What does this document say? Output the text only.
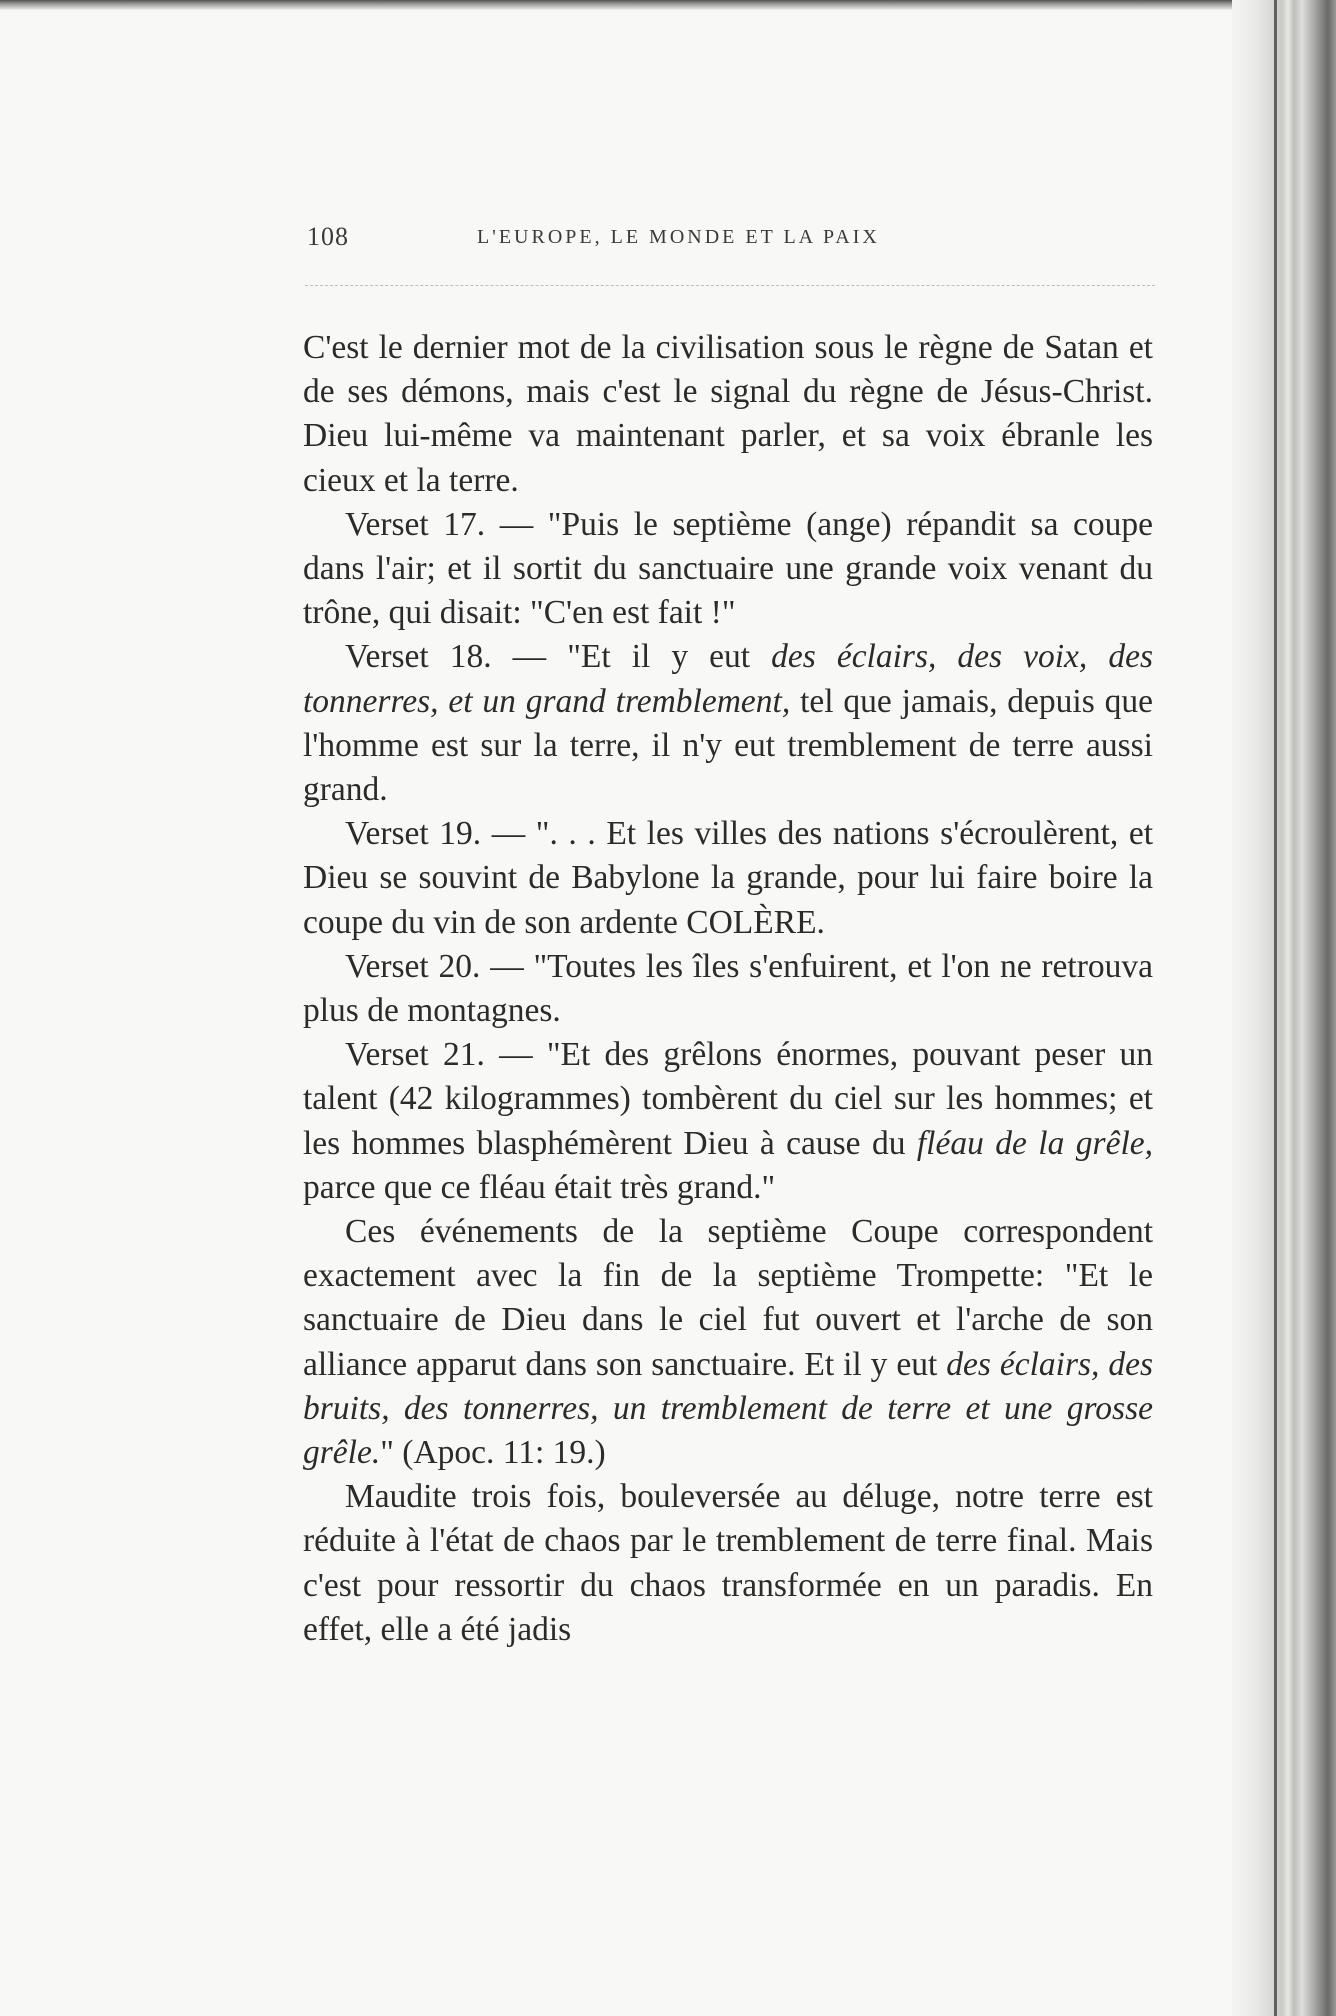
108	L'EUROPE, LE MONDE ET LA PAIX

C'est le dernier mot de la civilisation sous le règne de Satan et de ses démons, mais c'est le signal du règne de Jésus-Christ. Dieu lui-même va maintenant parler, et sa voix ébranle les cieux et la terre.

Verset 17. — "Puis le septième (ange) répandit sa coupe dans l'air; et il sortit du sanctuaire une grande voix venant du trône, qui disait: "C'en est fait !"

Verset 18. — "Et il y eut des éclairs, des voix, des tonnerres, et un grand tremblement, tel que jamais, depuis que l'homme est sur la terre, il n'y eut tremblement de terre aussi grand.

Verset 19. — ". . . Et les villes des nations s'écroulèrent, et Dieu se souvint de Babylone la grande, pour lui faire boire la coupe du vin de son ardente COLÈRE.

Verset 20. — "Toutes les îles s'enfuirent, et l'on ne retrouva plus de montagnes.

Verset 21. — "Et des grêlons énormes, pouvant peser un talent (42 kilogrammes) tombèrent du ciel sur les hommes; et les hommes blasphémèrent Dieu à cause du fléau de la grêle, parce que ce fléau était très grand."

Ces événements de la septième Coupe correspondent exactement avec la fin de la septième Trompette: "Et le sanctuaire de Dieu dans le ciel fut ouvert et l'arche de son alliance apparut dans son sanctuaire. Et il y eut des éclairs, des bruits, des tonnerres, un tremblement de terre et une grosse grêle." (Apoc. 11: 19.)

Maudite trois fois, bouleversée au déluge, notre terre est réduite à l'état de chaos par le tremblement de terre final. Mais c'est pour ressortir du chaos transformée en un paradis. En effet, elle a été jadis
